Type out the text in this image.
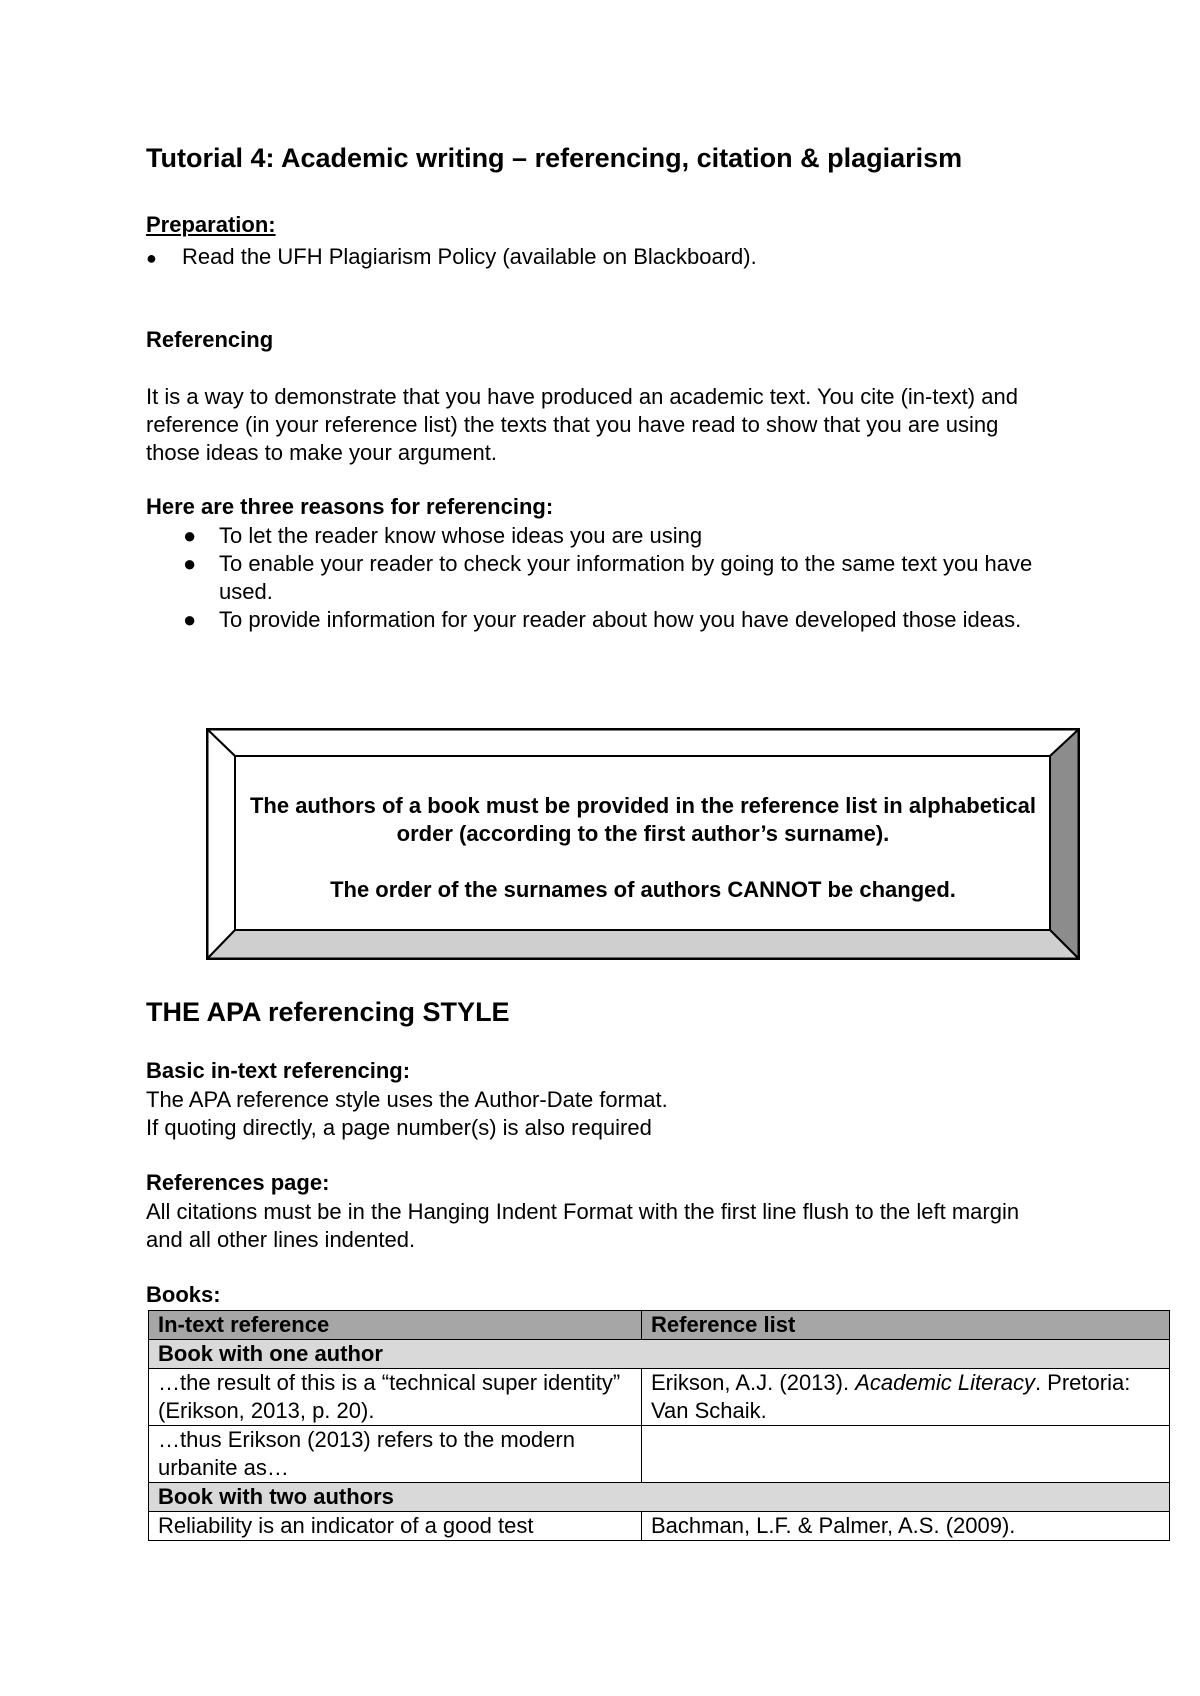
Tutorial 4: Academic writing – referencing, citation & plagiarism
Preparation:
● Read the UFH Plagiarism Policy (available on Blackboard).
Referencing
It is a way to demonstrate that you have produced an academic text. You cite (in-text) and reference (in your reference list) the texts that you have read to show that you are using those ideas to make your argument.
Here are three reasons for referencing:
● To let the reader know whose ideas you are using
● To enable your reader to check your information by going to the same text you have used.
● To provide information for your reader about how you have developed those ideas.
The authors of a book must be provided in the reference list in alphabetical order (according to the first author’s surname).
The order of the surnames of authors CANNOT be changed.
THE APA referencing STYLE
Basic in-text referencing:
The APA reference style uses the Author-Date format.
If quoting directly, a page number(s) is also required
References page:
All citations must be in the Hanging Indent Format with the first line flush to the left margin and all other lines indented.
Books:
In-text reference	Reference list
Book with one author	
…the result of this is a “technical super identity” (Erikson, 2013, p. 20).	Erikson, A.J. (2013). Academic Literacy. Pretoria: Van Schaik.
…thus Erikson (2013) refers to the modern urbanite as…	
Book with two authors	
Reliability is an indicator of a good test	Bachman, L.F. & Palmer, A.S. (2009).
